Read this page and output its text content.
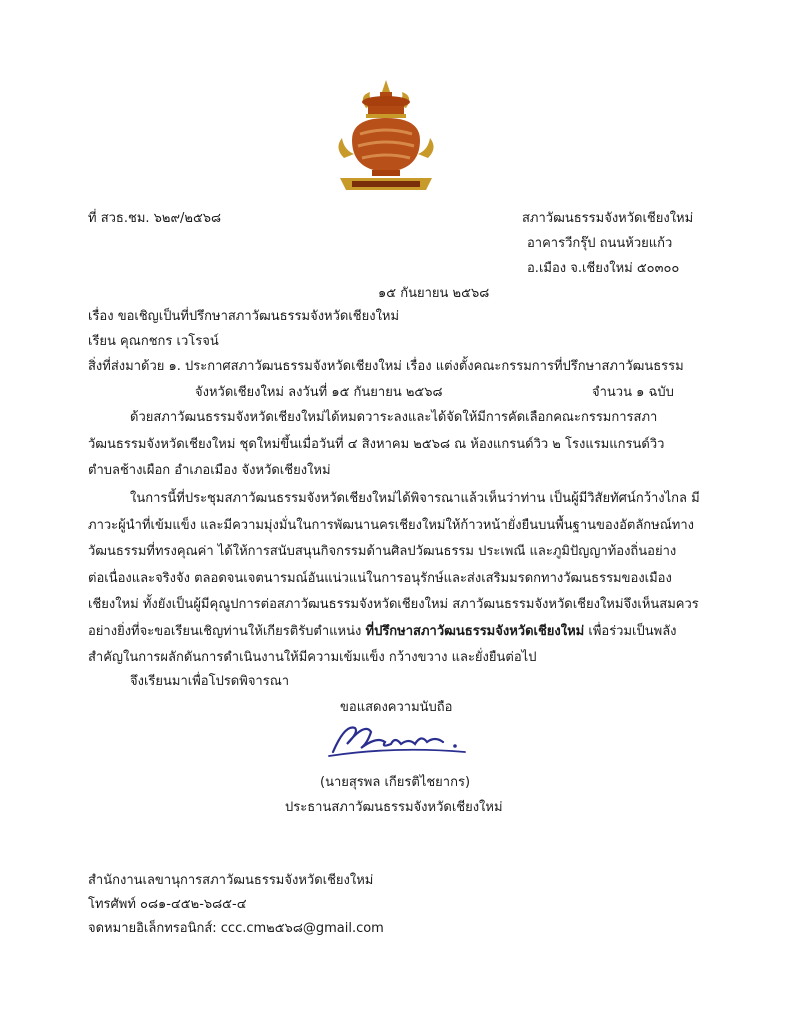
ที่ สวธ.ชม. ๖๒๙/๒๕๖๘	สภาวัฒนธรรมจังหวัดเชียงใหม่
อาคารวีกรุ๊ป ถนนห้วยแก้ว
อ.เมือง จ.เชียงใหม่ ๕๐๓๐๐
๑๕ กันยายน ๒๕๖๘
เรื่อง ขอเชิญเป็นที่ปรึกษาสภาวัฒนธรรมจังหวัดเชียงใหม่
เรียน คุณกชกร เวโรจน์
สิ่งที่ส่งมาด้วย ๑. ประกาศสภาวัฒนธรรมจังหวัดเชียงใหม่ เรื่อง แต่งตั้งคณะกรรมการที่ปรึกษาสภาวัฒนธรรม
จังหวัดเชียงใหม่ ลงวันที่ ๑๕ กันยายน ๒๕๖๘	จำนวน ๑ ฉบับ
ด้วยสภาวัฒนธรรมจังหวัดเชียงใหม่ได้หมดวาระลงและได้จัดให้มีการคัดเลือกคณะกรรมการสภา
วัฒนธรรมจังหวัดเชียงใหม่ ชุดใหม่ขึ้นเมื่อวันที่ ๔ สิงหาคม ๒๕๖๘ ณ ห้องแกรนด์วิว ๒ โรงแรมแกรนด์วิว
ตำบลช้างเผือก อำเภอเมือง จังหวัดเชียงใหม่
ในการนี้ที่ประชุมสภาวัฒนธรรมจังหวัดเชียงใหม่ได้พิจารณาแล้วเห็นว่าท่าน เป็นผู้มีวิสัยทัศน์กว้างไกล มี
ภาวะผู้นำที่เข้มแข็ง และมีความมุ่งมั่นในการพัฒนานครเชียงใหม่ให้ก้าวหน้ายั่งยืนบนพื้นฐานของอัตลักษณ์ทาง
วัฒนธรรมที่ทรงคุณค่า ได้ให้การสนับสนุนกิจกรรมด้านศิลปวัฒนธรรม ประเพณี และภูมิปัญญาท้องถิ่นอย่าง
ต่อเนื่องและจริงจัง ตลอดจนเจตนารมณ์อันแน่วแน่ในการอนุรักษ์และส่งเสริมมรดกทางวัฒนธรรมของเมือง
เชียงใหม่ ทั้งยังเป็นผู้มีคุณูปการต่อสภาวัฒนธรรมจังหวัดเชียงใหม่ สภาวัฒนธรรมจังหวัดเชียงใหม่จึงเห็นสมควร
อย่างยิ่งที่จะขอเรียนเชิญท่านให้เกียรติรับตำแหน่ง ที่ปรึกษาสภาวัฒนธรรมจังหวัดเชียงใหม่ เพื่อร่วมเป็นพลัง
สำคัญในการผลักดันการดำเนินงานให้มีความเข้มแข็ง กว้างขวาง และยั่งยืนต่อไป
จึงเรียนมาเพื่อโปรดพิจารณา
ขอแสดงความนับถือ
(นายสุรพล เกียรติไชยากร)
ประธานสภาวัฒนธรรมจังหวัดเชียงใหม่
สำนักงานเลขานุการสภาวัฒนธรรมจังหวัดเชียงใหม่
โทรศัพท์ ๐๘๑-๔๕๒-๖๘๕-๔
จดหมายอิเล็กทรอนิกส์: ccc.cm๒๕๖๘@gmail.com
